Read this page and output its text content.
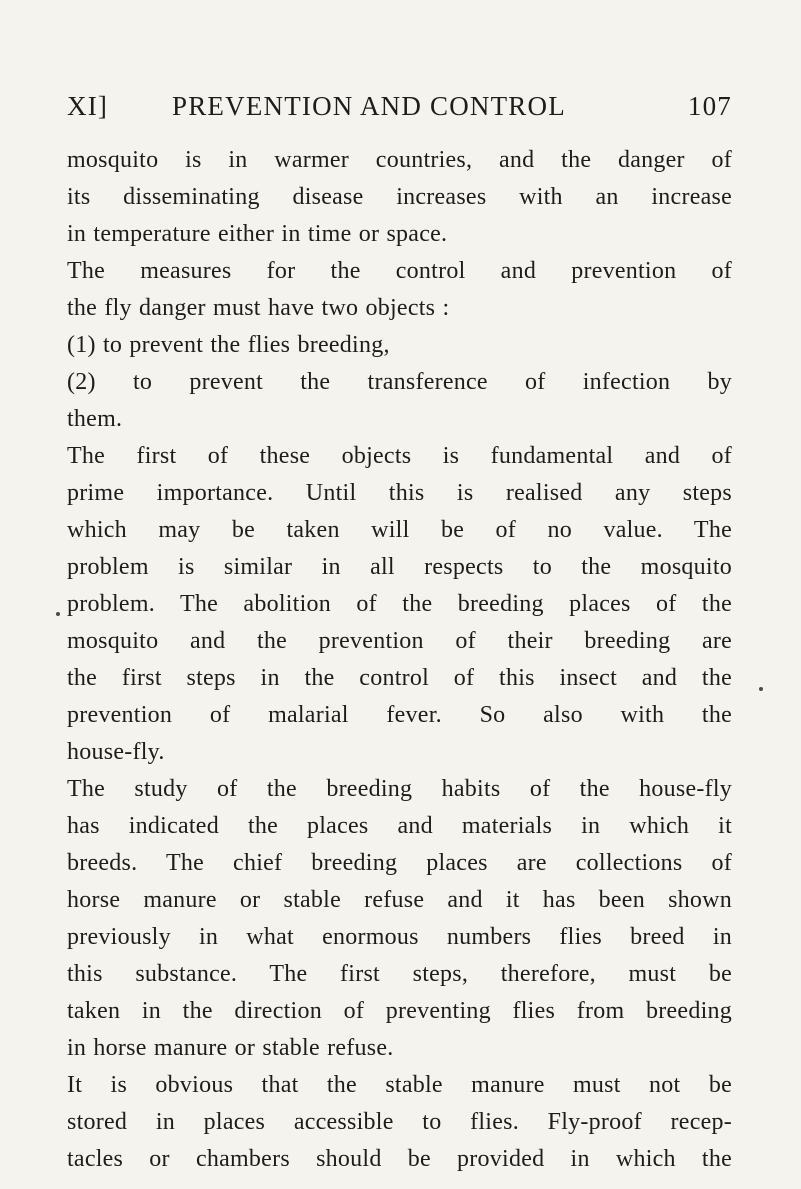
XI] PREVENTION AND CONTROL	107
mosquito is in warmer countries, and the danger of
its disseminating disease increases with an increase
in temperature either in time or space.
The measures for the control and prevention of
the fly danger must have two objects :
(1) to prevent the flies breeding,
(2) to prevent the transference of infection by
them.
The first of these objects is fundamental and of
prime importance. Until this is realised any steps
which may be taken will be of no value. The
problem is similar in all respects to the mosquito
problem. The abolition of the breeding places of the
mosquito and the prevention of their breeding are
the first steps in the control of this insect and the
prevention of malarial fever. So also with the
house-fly.
The study of the breeding habits of the house-fly
has indicated the places and materials in which it
breeds. The chief breeding places are collections of
horse manure or stable refuse and it has been shown
previously in what enormous numbers flies breed in
this substance. The first steps, therefore, must be
taken in the direction of preventing flies from breeding
in horse manure or stable refuse.
It is obvious that the stable manure must not be
stored in places accessible to flies. Fly-proof recep-
tacles or chambers should be provided in which the
